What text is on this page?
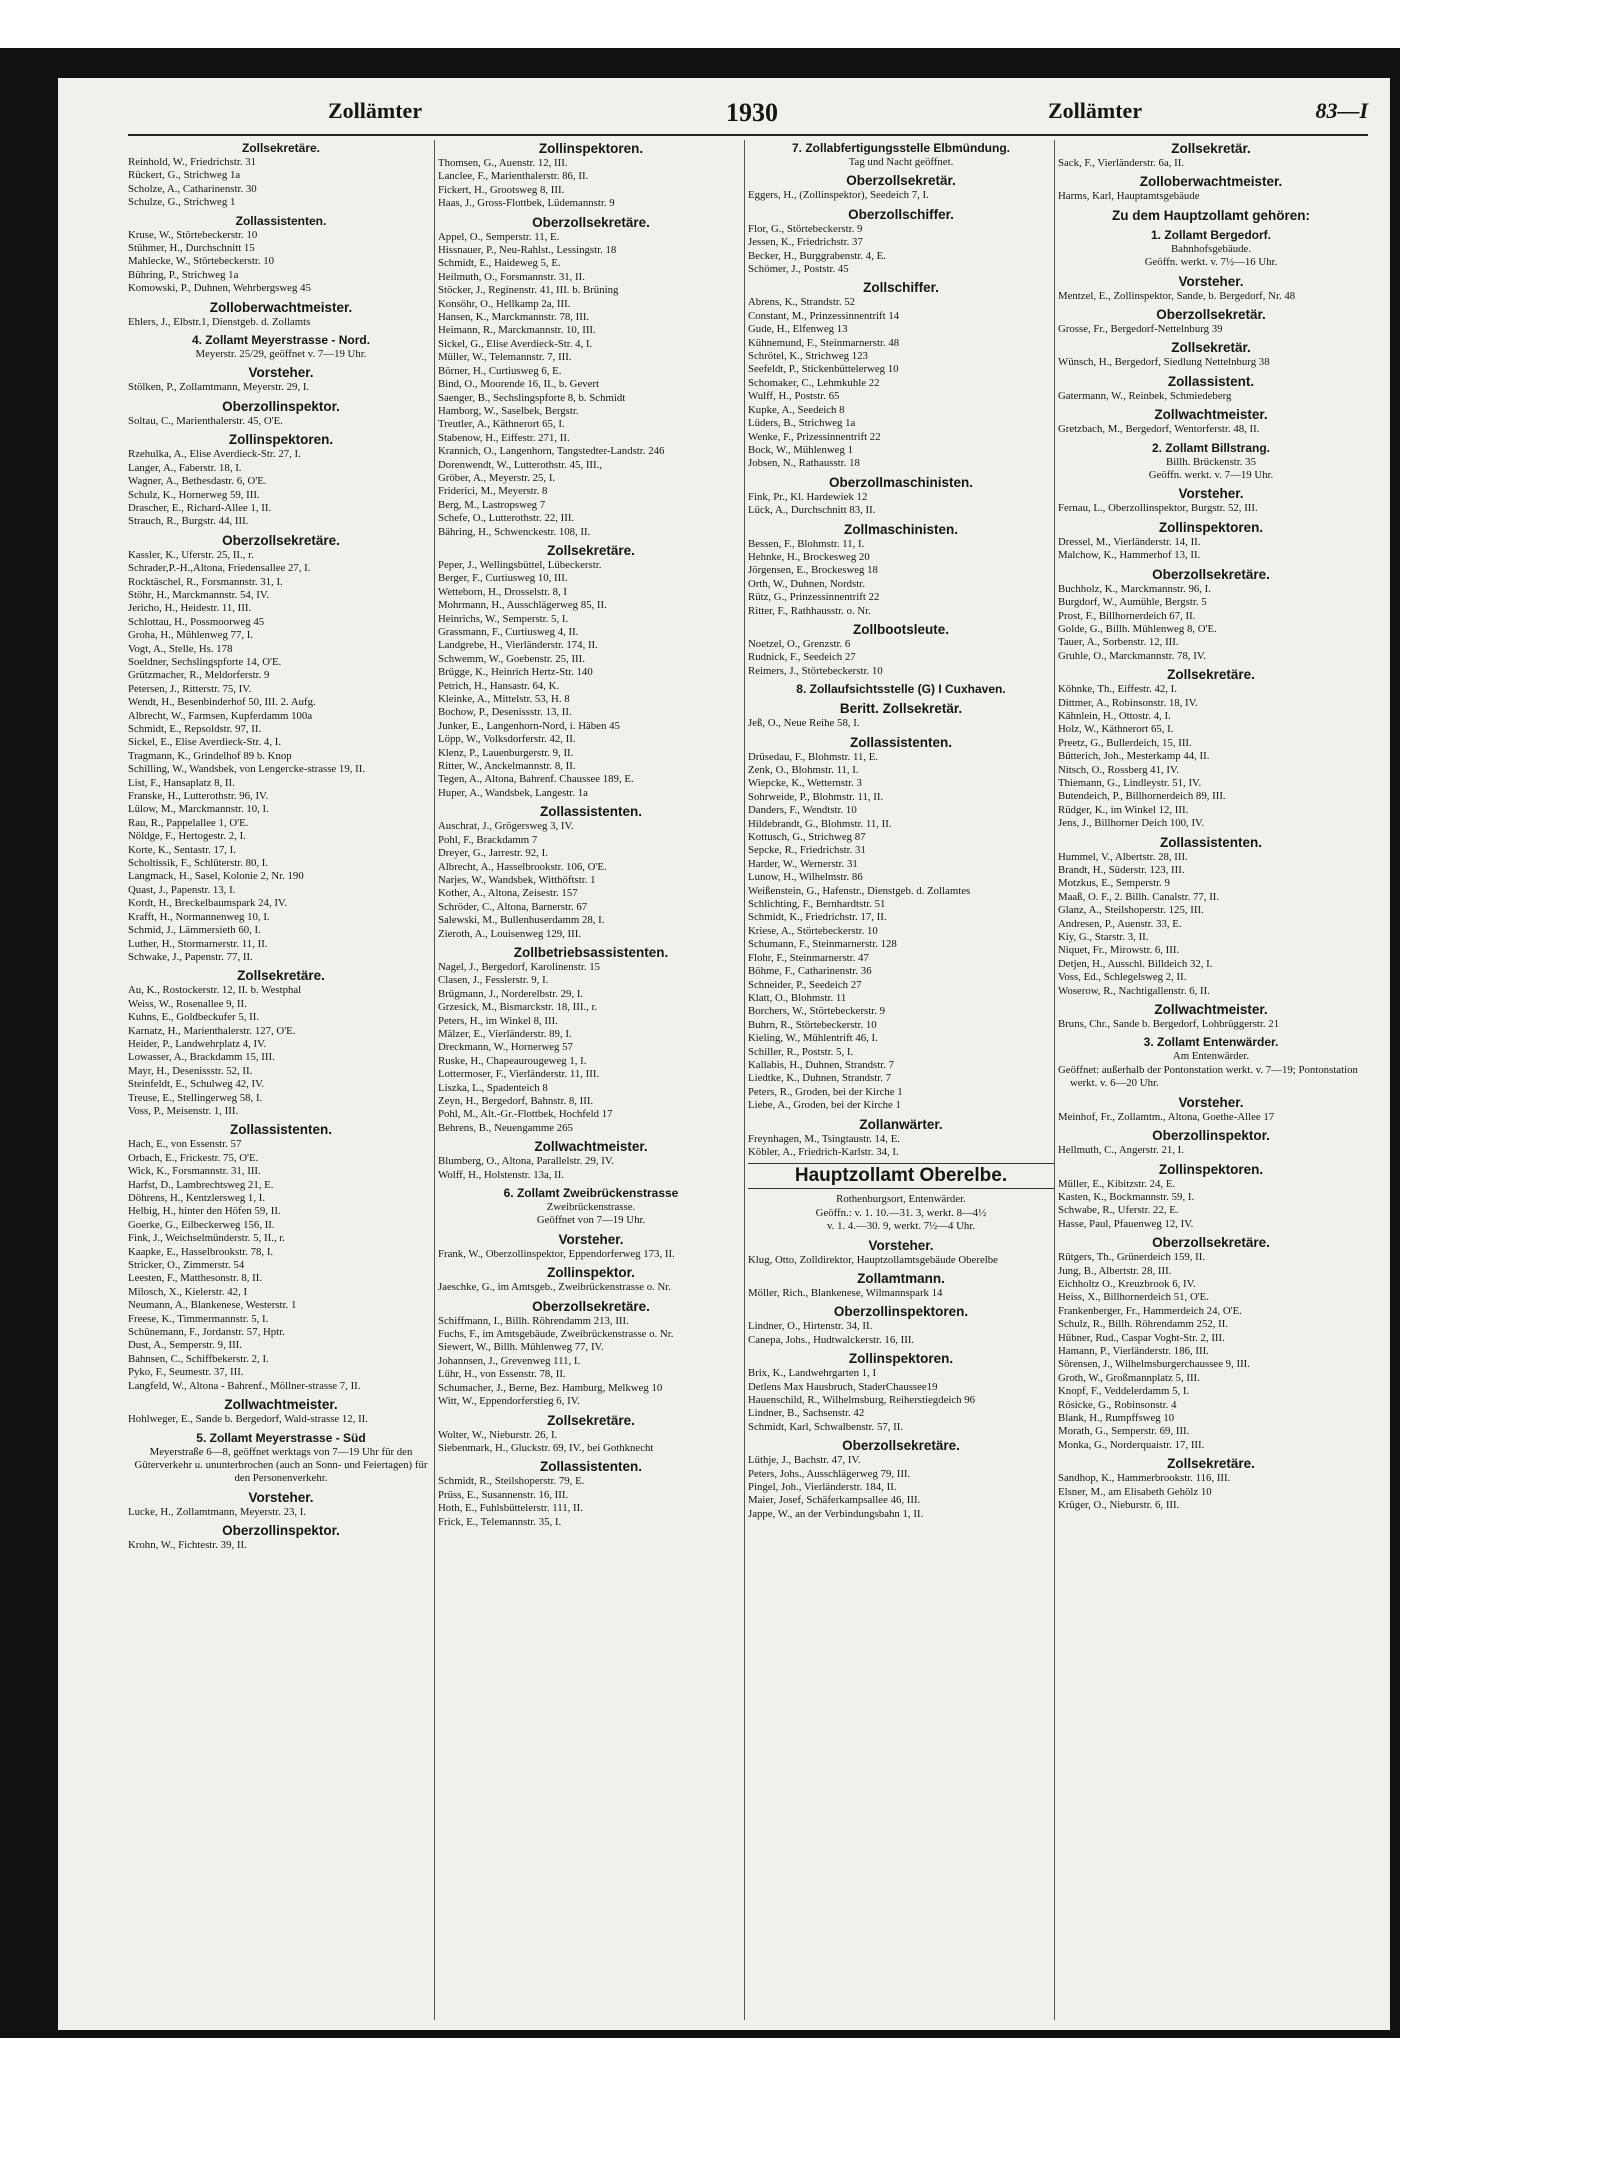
Zollämter	1930	Zollämter	83—I
Zollsekretäre.
Reinhold, W., Friedrichstr. 31
Rückert, G., Strichweg 1a
Scholze, A., Catharinenstr. 30
Schulze, G., Strichweg 1
Zollassistenten.
Kruse, W., Störtebeckerstr. 10
Stühmer, H., Durchschnitt 15
Mahlecke, W., Störtebeckerstr. 10
Bühring, P., Strichweg 1a
Komowski, P., Duhnen, Wehrbergsweg 45
Zolloberwachtmeister.
Ehlers, J., Elbstr.1, Dienstgeb. d. Zollamts
4. Zollamt Meyerstrasse - Nord.
Meyerstr. 25/29, geöffnet v. 7—19 Uhr.
Vorsteher.
Stölken, P., Zollamtmann, Meyerstr. 29, I.
Oberzollinspektor.
Soltau, C., Marienthalerstr. 45, O'E.
Zollinspektoren.
Rzehulka, A., Elise Averdieck-Str. 27, I.
Langer, A., Faberstr. 18, I.
Wagner, A., Bethesdastr. 6, O'E.
Schulz, K., Hornerweg 59, III.
Drascher, E., Richard-Allee 1, II.
Strauch, R., Burgstr. 44, III.
Oberzollsekretäre.
Kassler, K., Uferstr. 25, II., r.
Schrader,P.-H.,Altona, Friedensallee 27, I.
Rocktäschel, R., Forsmannstr. 31, I.
Stöhr, H., Marckmannstr. 54, IV.
Jericho, H., Heidestr. 11, III.
Schlottau, H., Possmoorweg 45
Groha, H., Mühlenweg 77, I.
Vogt, A., Stelle, Hs. 178
Soeldner, Sechslingspforte 14, O'E.
Grützmacher, R., Meldorferstr. 9
Petersen, J., Ritterstr. 75, IV.
Wendt, H., Besenbinderhof 50, III. 2. Aufg.
Albrecht, W., Farmsen, Kupferdamm 100a
Schmidt, E., Repsoldstr. 97, II.
Sickel, E., Elise Averdieck-Str. 4, I.
Tragmann, K., Grindelhof 89 b. Knop
Schilling, W., Wandsbek, von Lengercke-strasse 19, II.
List, F., Hansaplatz 8, II.
Franske, H., Lutterothstr. 96, IV.
Lülow, M., Marckmannstr. 10, I.
Rau, R., Pappelallee 1, O'E.
Nöldge, F., Hertogestr. 2, I.
Korte, K., Sentastr. 17, I.
Scholtissik, F., Schlüterstr. 80, I.
Langmack, H., Sasel, Kolonie 2, Nr. 190
Quast, J., Papenstr. 13, I.
Kordt, H., Breckelbaumspark 24, IV.
Krafft, H., Normannenweg 10, I.
Schmid, J., Lämmersieth 60, I.
Luther, H., Stormarnerstr. 11, II.
Schwake, J., Papenstr. 77, II.
Zollsekretäre.
Au, K., Rostockerstr. 12, II. b. Westphal
Weiss, W., Rosenallee 9, II.
Kuhns, E., Goldbeckufer 5, II.
Karnatz, H., Marienthalerstr. 127, O'E.
Heider, P., Landwehrplatz 4, IV.
Lowasser, A., Brackdamm 15, III.
Mayr, H., Desenissstr. 52, II.
Steinfeldt, E., Schulweg 42, IV.
Treuse, E., Stellingerweg 58, I.
Voss, P., Meisenstr. 1, III.
Zollassistenten.
Hach, E., von Essenstr. 57
Orbach, E., Frickestr. 75, O'E.
Wick, K., Forsmannstr. 31, III.
Harfst, D., Lambrechtsweg 21, E.
Döhrens, H., Kentzlersweg 1, I.
Helbig, H., hinter den Höfen 59, II.
Goerke, G., Eilbeckerweg 156, II.
Fink, J., Weichselmünderstr. 5, II., r.
Kaapke, E., Hasselbrookstr. 78, I.
Stricker, O., Zimmerstr. 54
Leesten, F., Matthesonstr. 8, II.
Milosch, X., Kielerstr. 42, I
Neumann, A., Blankenese, Westerstr. 1
Freese, K., Timmermannstr. 5, I.
Schünemann, F., Jordanstr. 57, Hptr.
Dust, A., Semperstr. 9, III.
Bahnsen, C., Schiffbekerstr. 2, I.
Pyko, F., Seumestr. 37, III.
Langfeld, W., Altona - Bahrenf., Möllner-strasse 7, II.
Zollwachtmeister.
Hohlweger, E., Sande b. Bergedorf, Wald-strasse 12, II.
5. Zollamt Meyerstrasse - Süd
Meyerstraße 6—8, geöffnet werktags von 7—19 Uhr für den Güterverkehr u. ununterbrochen (auch an Sonn- und Feiertagen) für den Personenverkehr.
Vorsteher.
Lucke, H., Zollamtmann, Meyerstr. 23, I.
Oberzollinspektor.
Krohn, W., Fichtestr. 39, II.
Zollinspektoren.
Thomsen, G., Auenstr. 12, III.
Lanclee, F., Marienthalerstr. 86, II.
Fickert, H., Grootsweg 8, III.
Haas, J., Gross-Flottbek, Lüdemannstr. 9
Oberzollsekretäre.
Appel, O., Semperstr. 11, E.
Hissnauer, P., Neu-Rahlst., Lessingstr. 18
Schmidt, E., Haideweg 5, E.
Heilmuth, O., Forsmannstr. 31, II.
Stöcker, J., Reginenstr. 41, III. b. Brüning
Konsöhr, O., Hellkamp 2a, III.
Hansen, K., Marckmannstr. 78, III.
Heimann, R., Marckmannstr. 10, III.
Sickel, G., Elise Averdieck-Str. 4, I.
Müller, W., Telemannstr. 7, III.
Börner, H., Curtiusweg 6, E.
Bind, O., Moorende 16, II., b. Gevert
Saenger, B., Sechslingspforte 8, b. Schmidt
Hamborg, W., Saselbek, Bergstr.
Treutler, A., Käthnerort 65, I.
Stabenow, H., Eiffestr. 271, II.
Krannich, O., Langenhorn, Tangstedter-Landstr. 246
Dorenwendt, W., Lutterothstr. 45, III.,
Gröber, A., Meyerstr. 25, I.
Friderici, M., Meyerstr. 8
Berg, M., Lastropsweg 7
Schefe, O., Lutterothstr. 22, III.
Bähring, H., Schwenckestr. 108, II.
Zollsekretäre.
Peper, J., Wellingsbüttel, Lübeckerstr.
Berger, F., Curtiusweg 10, III.
Wetteborn, H., Drosselstr. 8, I
Mohrmann, H., Ausschlägerweg 85, II.
Heinrichs, W., Semperstr. 5, I.
Grassmann, F., Curtiusweg 4, II.
Landgrebe, H., Vierländerstr. 174, II.
Schwemm, W., Goebenstr. 25, III.
Brügge, K., Heinrich Hertz-Str. 140
Petrich, H., Hansastr. 64, K.
Kleinke, A., Mittelstr. 53, H. 8
Bochow, P., Desenissstr. 13, II.
Junker, E., Langenhorn-Nord, i. Häben 45
Löpp, W., Volksdorferstr. 42, II.
Klenz, P., Lauenburgerstr. 9, II.
Ritter, W., Anckelmannstr. 8, II.
Tegen, A., Altona, Bahrenf. Chaussee 189, E.
Huper, A., Wandsbek, Langestr. 1a
Zollassistenten.
Auschrat, J., Grögersweg 3, IV.
Pohl, F., Brackdamm 7
Dreyer, G., Jarrestr. 92, I.
Albrecht, A., Hasselbrookstr. 106, O'E.
Narjes, W., Wandsbek, Witthöftstr. 1
Kother, A., Altona, Zeisestr. 157
Schröder, C., Altona, Barnerstr. 67
Salewski, M., Bullenhuserdamm 28, I.
Zieroth, A., Louisenweg 129, III.
Zollbetriebsassistenten.
Nagel, J., Bergedorf, Karolinenstr. 15
Clasen, J., Fesslerstr. 9, I.
Brügmann, J., Norderelbstr. 29, I.
Grzesick, M., Bismarckstr. 18, III., r.
Peters, H., im Winkel 8, III.
Mälzer, E., Vierländerstr. 89, I.
Dreckmann, W., Hornerweg 57
Ruske, H., Chapeaurougeweg 1, I.
Lottermoser, F., Vierländerstr. 11, III.
Liszka, L., Spadenteich 8
Zeyn, H., Bergedorf, Bahnstr. 8, III.
Pohl, M., Alt.-Gr.-Flottbek, Hochfeld 17
Behrens, B., Neuengamme 265
Zollwachtmeister.
Blumberg, O., Altona, Parallelstr. 29, IV.
Wolff, H., Holstenstr. 13a, II.
6. Zollamt Zweibrückenstrasse
Zweibrückenstrasse.
Geöffnet von 7—19 Uhr.
Vorsteher.
Frank, W., Oberzollinspektor, Eppendorferweg 173, II.
Zollinspektor.
Jaeschke, G., im Amtsgeb., Zweibrückenstrasse o. Nr.
Oberzollsekretäre.
Schiffmann, I., Billh. Röhrendamm 213, III.
Fuchs, F., im Amtsgebäude, Zweibrückenstrasse o. Nr.
Siewert, W., Billh. Mühlenweg 77, IV.
Johannsen, J., Grevenweg 111, I.
Lühr, H., von Essenstr. 78, II.
Schumacher, J., Berne, Bez. Hamburg, Melkweg 10
Witt, W., Eppendorferstieg 6, IV.
Zollsekretäre.
Wolter, W., Nieburstr. 26, I.
Siebenmark, H., Gluckstr. 69, IV., bei Gothknecht
Zollassistenten.
Schmidt, R., Steilshoperstr. 79, E.
Prüss, E., Susannenstr. 16, III.
Hoth, E., Fuhlsbüttelerstr. 111, II.
Frick, E., Telemannstr. 35, I.
7. Zollabfertigungsstelle Elbmündung.
Tag und Nacht geöffnet.
Oberzollsekretär.
Eggers, H., (Zollinspektor), Seedeich 7, I.
Oberzollschiffer.
Flor, G., Störtebeckerstr. 9
Jessen, K., Friedrichstr. 37
Becker, H., Burggrabenstr. 4, E.
Schömer, J., Poststr. 45
Zollschiffer.
Abrens, K., Strandstr. 52
Constant, M., Prinzessinnentrift 14
Gude, H., Elfenweg 13
Kühnemund, F., Steinmarnerstr. 48
Schrötel, K., Strichweg 123
Seefeldt, P., Stickenbüttelerweg 10
Schomaker, C., Lehmkuhle 22
Wulff, H., Poststr. 65
Kupke, A., Seedeich 8
Lüders, B., Strichweg 1a
Wenke, F., Prizessinnentrift 22
Bock, W., Mühlenweg 1
Jobsen, N., Rathausstr. 18
Oberzollmaschinisten.
Fink, Pr., Kl. Hardewiek 12
Lück, A., Durchschnitt 83, II.
Zollmaschinisten.
Bessen, F., Blohmstr. 11, I.
Hehnke, H., Brockesweg 20
Jörgensen, E., Brockesweg 18
Orth, W., Duhnen, Nordstr.
Rütz, G., Prinzessinnentrift 22
Ritter, F., Rathhausstr. o. Nr.
Zollbootsleute.
Noetzel, O., Grenzstr. 6
Rudnick, F., Seedeich 27
Reimers, J., Störtebeckerstr. 10
8. Zollaufsichtsstelle (G) I Cuxhaven.
Beritt. Zollsekretär.
Jeß, O., Neue Reihe 58, I.
Zollassistenten.
Drüsedau, F., Blohmstr. 11, E.
Zenk, O., Blohmstr. 11, I.
Wiepcke, K., Wetternstr. 3
Sohrweide, P., Blohmstr. 11, II.
Danders, F., Wendtstr. 10
Hildebrandt, G., Blohmstr. 11, II.
Kottusch, G., Strichweg 87
Sepcke, R., Friedrichstr. 31
Harder, W., Wernerstr. 31
Lunow, H., Wilhelmstr. 86
Weißenstein, G., Hafenstr., Dienstgeb. d. Zollamtes
Schlichting, F., Bernhardtstr. 51
Schmidt, K., Friedrichstr. 17, II.
Kriese, A., Störtebeckerstr. 10
Schumann, F., Steinmarnerstr. 128
Flohr, F., Steinmarnerstr. 47
Böhme, F., Catharinenstr. 36
Schneider, P., Seedeich 27
Klatt, O., Blohmstr. 11
Borchers, W., Störtebeckerstr. 9
Buhrn, R., Störtebeckerstr. 10
Kieling, W., Mühlentrift 46, I.
Schiller, R., Poststr. 5, I.
Kallabis, H., Duhnen, Strandstr. 7
Liedtke, K., Duhnen, Strandstr. 7
Peters, R., Groden, bei der Kirche 1
Liebe, A., Groden, bei der Kirche 1
Zollanwärter.
Freynhagen, M., Tsingtaustr. 14, E.
Köbler, A., Friedrich-Karlstr. 34, I.
Hauptzollamt Oberelbe.
Rothenburgsort, Entenwärder.
Geöffn.: v. 1. 10.—31. 3, werkt. 8—4½
v. 1. 4.—30. 9, werkt. 7½—4 Uhr.
Vorsteher.
Klug, Otto, Zolldirektor, Hauptzollamtsgebäude Oberelbe
Zollamtmann.
Möller, Rich., Blankenese, Wilmannspark 14
Oberzollinspektoren.
Lindner, O., Hirtenstr. 34, II.
Canepa, Johs., Hudtwalckerstr. 16, III.
Zollinspektoren.
Brix, K., Landwehrgarten 1, I
Detlens Max Hausbruch, StaderChaussee19
Hauenschild, R., Wilhelmsburg, Reiherstiegdeich 96
Lindner, B., Sachsenstr. 42
Schmidt, Karl, Schwalbenstr. 57, II.
Oberzollsekretäre.
Lüthje, J., Bachstr. 47, IV.
Peters, Johs., Ausschlägerweg 79, III.
Pingel, Joh., Vierländerstr. 184, II.
Maier, Josef, Schäferkampsallee 46, III.
Jappe, W., an der Verbindungsbahn 1, II.
Zollsekretär.
Sack, F., Vierländerstr. 6a, II.
Zolloberwachtmeister.
Harms, Karl, Hauptamtsgebäude
Zu dem Hauptzollamt gehören:
1. Zollamt Bergedorf.
Bahnhofsgebäude.
Geöffn. werkt. v. 7½—16 Uhr.
Vorsteher.
Mentzel, E., Zollinspektor, Sande, b. Bergedorf, Nr. 48
Oberzollsekretär.
Grosse, Fr., Bergedorf-Nettelnburg 39
Zollsekretär.
Wünsch, H., Bergedorf, Siedlung Nettelnburg 38
Zollassistent.
Gatermann, W., Reinbek, Schmiedeberg
Zollwachtmeister.
Gretzbach, M., Bergedorf, Wentorferstr. 48, II.
2. Zollamt Billstrang.
Billh. Brückenstr. 35
Geöffn. werkt. v. 7—19 Uhr.
Vorsteher.
Fernau, L., Oberzollinspektor, Burgstr. 52, III.
Zollinspektoren.
Dressel, M., Vierländerstr. 14, II.
Malchow, K., Hammerhof 13, II.
Oberzollsekretäre.
Buchholz, K., Marckmannstr. 96, I.
Burgdorf, W., Aumühle, Bergstr. 5
Prost, F., Billhornerdeich 67, II.
Golde, G., Billh. Mühlenweg 8, O'E.
Tauer, A., Sorbenstr. 12, III.
Gruhle, O., Marckmannstr. 78, IV.
Zollsekretäre.
Köhnke, Th., Eiffestr. 42, I.
Dittmer, A., Robinsonstr. 18, IV.
Kähnlein, H., Ottostr. 4, I.
Holz, W., Käthnerort 65, I.
Preetz, G., Bullerdeich, 15, III.
Bütterich, Joh., Mesterkamp 44, II.
Nitsch, O., Rossberg 41, IV.
Thiemann, G., Lindleystr. 51, IV.
Butendeich, P., Billhornerdeich 89, III.
Rüdger, K., im Winkel 12, III.
Jens, J., Billhorner Deich 100, IV.
Zollassistenten.
Hummel, V., Albertstr. 28, III.
Brandt, H., Süderstr. 123, III.
Motzkus, E., Semperstr. 9
Maaß, O. F., 2. Billh. Canalstr. 77, II.
Glanz, A., Steilshoperstr. 125, III.
Andresen, P., Auenstr. 33, E.
Kiy, G., Starstr. 3, II.
Niquet, Fr., Mirowstr. 6, III.
Detjen, H., Ausschl. Billdeich 32, I.
Voss, Ed., Schlegelsweg 2, II.
Woserow, R., Nachtigallenstr. 6, II.
Zollwachtmeister.
Bruns, Chr., Sande b. Bergedorf, Lohbrüggerstr. 21
3. Zollamt Entenwärder.
Am Entenwärder.
Geöffnet: außerhalb der Pontonstation werkt. v. 7—19; Pontonstation werkt. v. 6—20 Uhr.
Vorsteher.
Meinhof, Fr., Zollamtm., Altona, Goethe-Allee 17
Oberzollinspektor.
Hellmuth, C., Angerstr. 21, I.
Zollinspektoren.
Müller, E., Kibitzstr. 24, E.
Kasten, K., Bockmannstr. 59, I.
Schwabe, R., Uferstr. 22, E.
Hasse, Paul, Pfauenweg 12, IV.
Oberzollsekretäre.
Rütgers, Th., Grünerdeich 159, II.
Jung, B., Albertstr. 28, III.
Eichholtz O., Kreuzbrook 6, IV.
Heiss, X., Billhornerdeich 51, O'E.
Frankenberger, Fr., Hammerdeich 24, O'E.
Schulz, R., Billh. Röhrendamm 252, II.
Hübner, Rud., Caspar Voght-Str. 2, III.
Hamann, P., Vierländerstr. 186, III.
Sörensen, J., Wilhelmsburgerchaussee 9, III.
Groth, W., Großmannplatz 5, III.
Knopf, F., Veddelerdamm 5, I.
Rösicke, G., Robinsonstr. 4
Blank, H., Rumpffsweg 10
Morath, G., Semperstr. 69, III.
Monka, G., Norderquaistr. 17, III.
Zollsekretäre.
Sandhop, K., Hammerbrookstr. 116, III.
Elsner, M., am Elisabeth Gehölz 10
Krüger, O., Nieburstr. 6, III.
